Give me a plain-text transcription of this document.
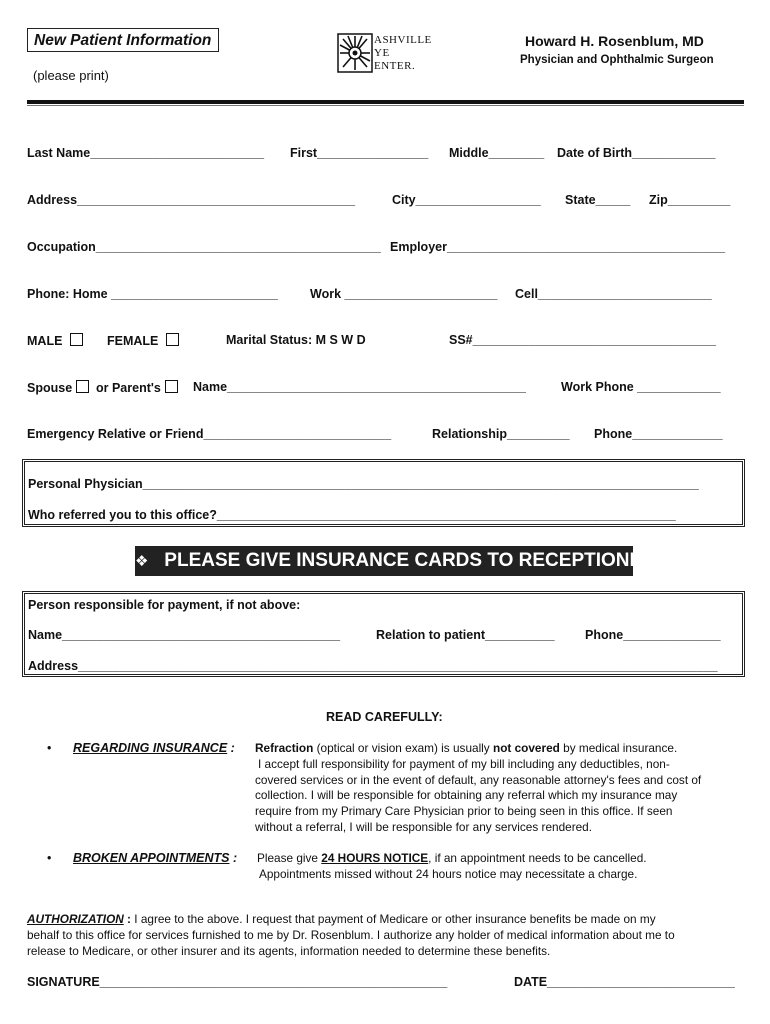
New Patient Information
(please print)
ASHVILLE
YE
ENTER.
Howard H. Rosenblum, MD
Physician and Ophthalmic Surgeon
Last Name_________________________ First________________ Middle________ Date of Birth____________
Address________________________________________	City__________________ State_____ Zip_________
Occupation_________________________________________ Employer________________________________________
Phone: Home ________________________	Work ______________________ Cell_________________________
MALE	FEMALE	Marital Status: M S W D	SS#___________________________________
Spouse	or Parent's	Name___________________________________________	Work Phone ____________
Emergency Relative or Friend___________________________	Relationship_________ Phone_____________
Personal Physician________________________________________________________________________________
Who referred you to this office?__________________________________________________________________
❖ PLEASE GIVE INSURANCE CARDS TO RECEPTIONIST ❖
Person responsible for payment, if not above:
Name________________________________________	Relation to patient__________ Phone______________
Address____________________________________________________________________________________________
READ CAREFULLY:
• REGARDING INSURANCE : Refraction (optical or vision exam) is usually not covered by medical insurance.
I accept full responsibility for payment of my bill including any deductibles, non-
covered services or in the event of default, any reasonable attorney's fees and cost of
collection. I will be responsible for obtaining any referral which my insurance may
require from my Primary Care Physician prior to being seen in this office. If seen
without a referral, I will be responsible for any services rendered.
• BROKEN APPOINTMENTS : Please give 24 HOURS NOTICE, if an appointment needs to be cancelled.
Appointments missed without 24 hours notice may necessitate a charge.
AUTHORIZATION : I agree to the above. I request that payment of Medicare or other insurance benefits be made on my
behalf to this office for services furnished to me by Dr. Rosenblum. I authorize any holder of medical information about me to
release to Medicare, or other insurer and its agents, information needed to determine these benefits.
SIGNATURE__________________________________________________	DATE___________________________
